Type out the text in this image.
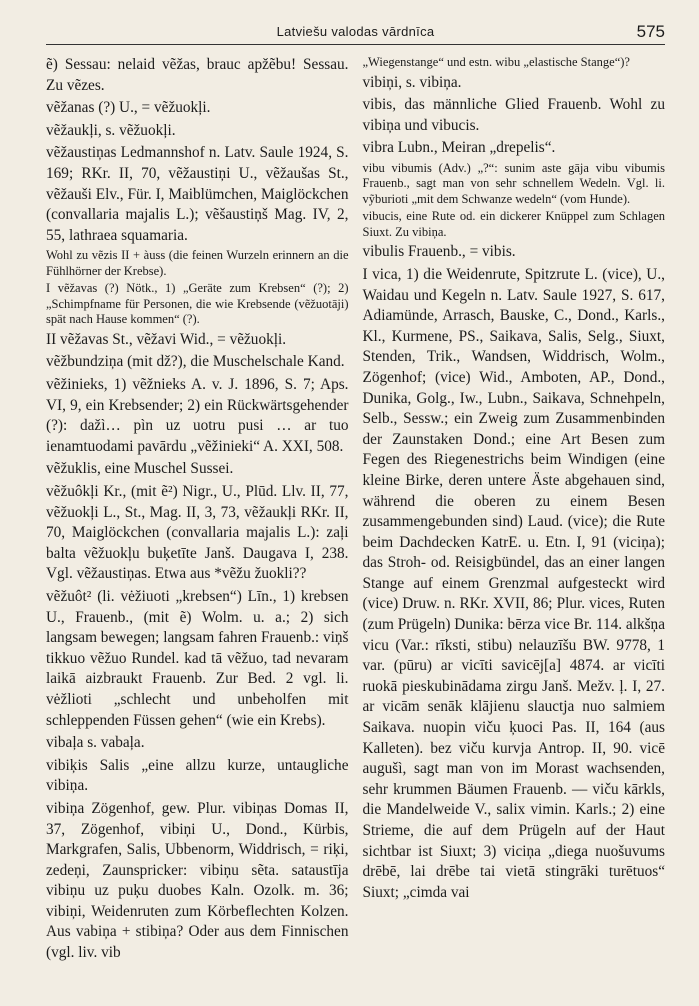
Latviešu valodas vārdnīca	575

ẽ) Sessau: nelaid vẽžas, brauc apžẽbu! Sessau. Zu vẽzes.

vẽžanas (?) U., = vẽžuokļi.

vẽžaukļi, s. vẽžuokļi.

vẽžaustiņas Ledmannshof n. Latv. Saule 1924, S. 169; RKr. II, 70, vẽžaustiņi U., vẽžaušas St., vẽžauši Elv., Für. I, Maiblümchen, Maiglöckchen (convallaria majalis L.); vẽšaustiņš Mag. IV, 2, 55, lathraea squamaria.

Wohl zu vẽzis II + àuss (die feinen Wurzeln erinnern an die Fühlhörner der Krebse).

I vẽžavas (?) Nötk., 1) „Geräte zum Krebsen“ (?); 2) „Schimpfname für Personen, die wie Krebsende (vẽžuotāji) spät nach Hause kommen“ (?).

II vẽžavas St., vẽžavi Wid., = vẽžuokļi.

vẽžbundziņa (mit dž?), die Muschelschale Kand.

vẽžinieks, 1) vẽžnieks A. v. J. 1896, S. 7; Aps. VI, 9, ein Krebsender; 2) ein Rückwärtsgehender (?): dažì… pìn uz uotru pusi … ar tuo ienamtuodami pavārdu „vẽžinieki“ A. XXI, 508.

vẽžuklis, eine Muschel Sussei.

vẽžuôkļi Kr., (mit ẽ²) Nigr., U., Plūd. Llv. II, 77, vẽžuokļi L., St., Mag. II, 3, 73, vẽžaukļi RKr. II, 70, Maiglöckchen (convallaria majalis L.): zaļi balta vẽžuokļu buķetīte Janš. Daugava I, 238. Vgl. vẽžaustiņas. Etwa aus *vẽžu žuokli??

vẽžuôt² (li. vėžiuoti „krebsen“) Līn., 1) krebsen U., Frauenb., (mit ẽ) Wolm. u. a.; 2) sich langsam bewegen; langsam fahren Frauenb.: viņš tikkuo vẽžuo Rundel. kad tā vẽžuo, tad nevaram laikā aizbraukt Frauenb. Zur Bed. 2 vgl. li. vėžlioti „schlecht und unbeholfen mit schleppenden Füssen gehen“ (wie ein Krebs).

vibaļa s. vabaļa.

vibiķis Salis „eine allzu kurze, untaugliche vibiņa.

vibiņa Zögenhof, gew. Plur. vibiņas Domas II, 37, Zögenhof, vibiņi U., Dond., Kürbis, Markgrafen, Salis, Ubbenorm, Widdrisch, = riķi, zedeņi, Zaunspricker: vibiņu sẽta. sataustīja vibiņu uz puķu duobes Kaln. Ozolk. m. 36; vibiņi, Weidenruten zum Körbeflechten Kolzen. Aus vabiņa + stibiņa? Oder aus dem Finnischen (vgl. liv. vib

„Wiegenstange“ und estn. wibu „elastische Stange“)?

vibiņi, s. vibiņa.

vibis, das männliche Glied Frauenb. Wohl zu vibiņa und vibucis.

vibra Lubn., Meiran „drepelis“.

vibu vibumis (Adv.) „?“: sunim aste gāja vibu vibumis Frauenb., sagt man von sehr schnellem Wedeln. Vgl. li. vỹburioti „mit dem Schwanze wedeln“ (vom Hunde).

vibucis, eine Rute od. ein dickerer Knüppel zum Schlagen Siuxt. Zu vibiņa.

vibulis Frauenb., = vibis.

I vica, 1) die Weidenrute, Spitzrute L. (vice), U., Waidau und Kegeln n. Latv. Saule 1927, S. 617, Adiamünde, Arrasch, Bauske, C., Dond., Karls., Kl., Kurmene, PS., Saikava, Salis, Selg., Siuxt, Stenden, Trik., Wandsen, Widdrisch, Wolm., Zögenhof; (vice) Wid., Amboten, AP., Dond., Dunika, Golg., Iw., Lubn., Saikava, Schnehpeln, Selb., Sessw.; ein Zweig zum Zusammenbinden der Zaunstaken Dond.; eine Art Besen zum Fegen des Riegenestrichs beim Windigen (eine kleine Birke, deren untere Äste abgehauen sind, während die oberen zu einem Besen zusammengebunden sind) Laud. (vice); die Rute beim Dachdecken KatrE. u. Etn. I, 91 (viciņa); das Stroh- od. Reisigbündel, das an einer langen Stange auf einem Grenzmal aufgesteckt wird (vice) Druw. n. RKr. XVII, 86; Plur. vices, Ruten (zum Prügeln) Dunika: bērza vice Br. 114. alkšņa vicu (Var.: rīksti, stibu) nelauzīšu BW. 9778, 1 var. (pūru) ar vicīti savicēj[a] 4874. ar vicīti ruokā pieskubinādama zirgu Janš. Mežv. ļ. I, 27. ar vicām senāk klājienu slauctja nuo salmiem Saikava. nuopin viču ķuoci Pas. II, 164 (aus Kalleten). bez viču kurvja Antrop. II, 90. vicē augušì, sagt man von im Morast wachsenden, sehr krummen Bäumen Frauenb. — viču kārkls, die Mandelweide V., salix vimin. Karls.; 2) eine Strieme, die auf dem Prügeln auf der Haut sichtbar ist Siuxt; 3) viciņa „diega nuošuvums drēbē, lai drēbe tai vietā stingrāki turētuos“ Siuxt; „cimda vai
